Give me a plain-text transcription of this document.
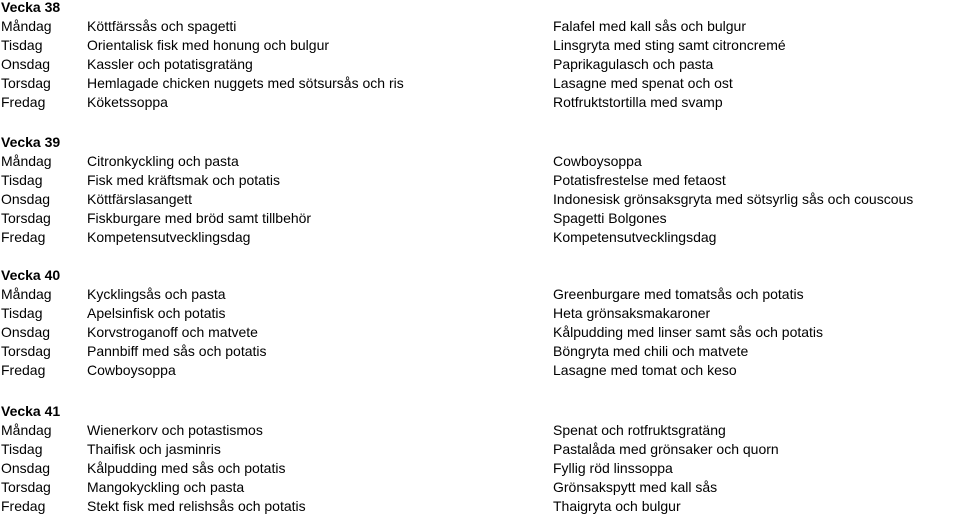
Vecka 38
Måndag	Köttfärssås och spagetti	Falafel med kall sås och bulgur
Tisdag	Orientalisk fisk med honung och bulgur	Linsgryta med sting samt citroncremé
Onsdag	Kassler och potatisgratäng	Paprikagulasch och pasta
Torsdag	Hemlagade chicken nuggets med sötsursås och ris	Lasagne med spenat och ost
Fredag	Köketssoppa	Rotfruktstortilla med svamp
Vecka 39
Måndag	Citronkyckling och pasta	Cowboysoppa
Tisdag	Fisk med kräftsmak och potatis	Potatisfrestelse med fetaost
Onsdag	Köttfärslasangett	Indonesisk grönsaksgryta med sötsyrlig sås och couscous
Torsdag	Fiskburgare med bröd samt tillbehör	Spagetti Bolgones
Fredag	Kompetensutvecklingsdag	Kompetensutvecklingsdag
Vecka 40
Måndag	Kycklingsås och pasta	Greenburgare med tomatsås och potatis
Tisdag	Apelsinfisk och potatis	Heta grönsaksmakaroner
Onsdag	Korvstroganoff och matvete	Kålpudding med linser samt sås och potatis
Torsdag	Pannbiff med sås och potatis	Böngryta med chili och matvete
Fredag	Cowboysoppa	Lasagne med tomat och keso
Vecka 41
Måndag	Wienerkorv och potastismos	Spenat och rotfruktsgratäng
Tisdag	Thaifisk och jasminris	Pastalåda med grönsaker och quorn
Onsdag	Kålpudding med sås och potatis	Fyllig röd linssoppa
Torsdag	Mangokyckling och pasta	Grönsakspytt med kall sås
Fredag	Stekt fisk med relishsås och potatis	Thaigryta och bulgur
